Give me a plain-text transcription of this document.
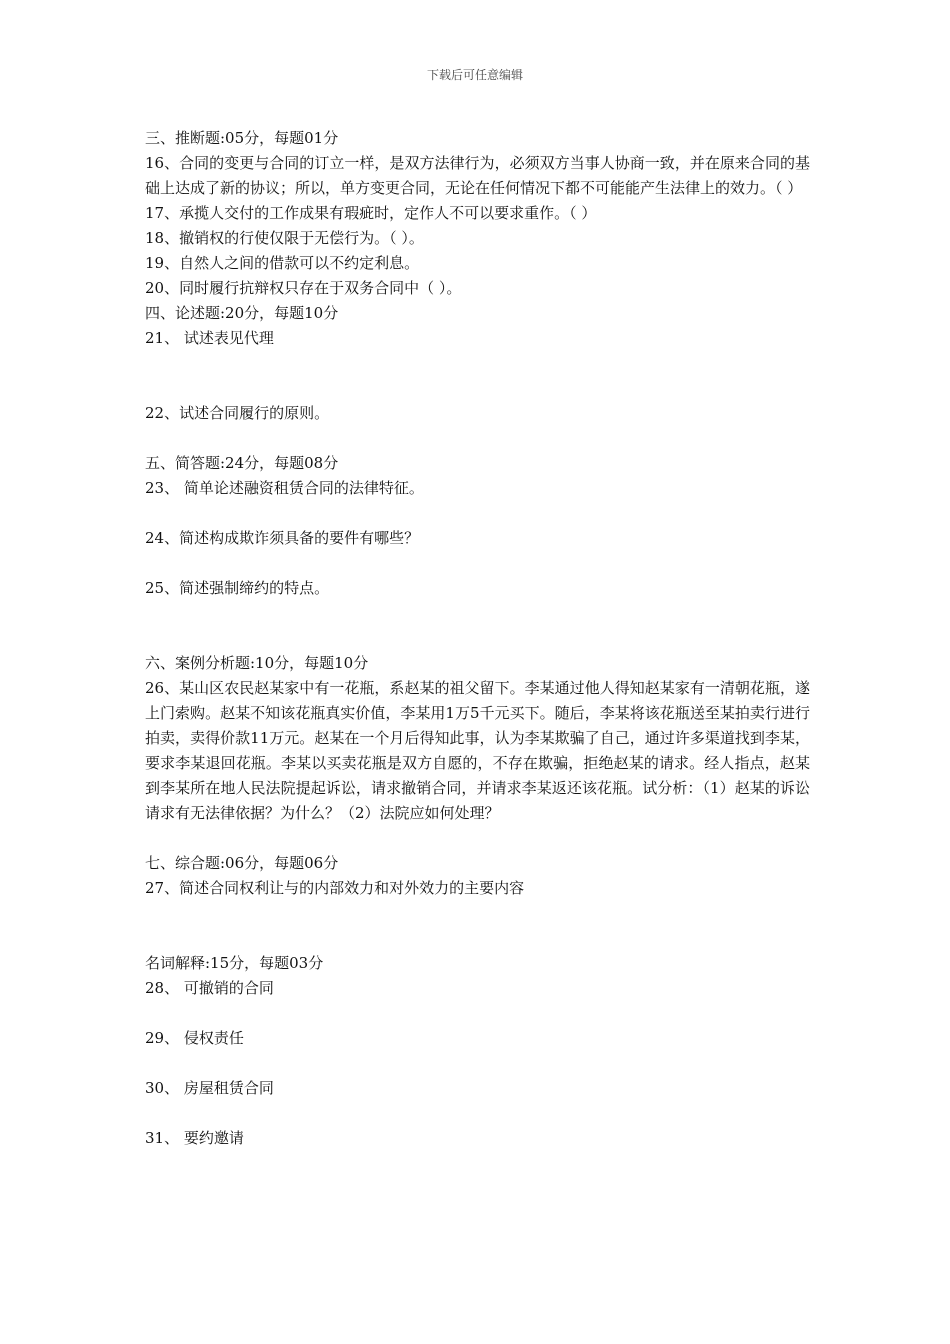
下载后可任意编辑
三、推断题:05分，每题01分
16、合同的变更与合同的订立一样，是双方法律行为，必须双方当事人协商一致，并在原来合同的基础上达成了新的协议；所以，单方变更合同，无论在任何情况下都不可能能产生法律上的效力。（ ）
17、承揽人交付的工作成果有瑕疵时，定作人不可以要求重作。（ ）
18、撤销权的行使仅限于无偿行为。（ ）。
19、自然人之间的借款可以不约定利息。
20、同时履行抗辩权只存在于双务合同中（ ）。
四、论述题:20分，每题10分
21、 试述表见代理
22、试述合同履行的原则。
五、简答题:24分，每题08分
23、 简单论述融资租赁合同的法律特征。
24、简述构成欺诈须具备的要件有哪些？
25、简述强制缔约的特点。
六、案例分析题:10分，每题10分
26、某山区农民赵某家中有一花瓶，系赵某的祖父留下。李某通过他人得知赵某家有一清朝花瓶，遂上门索购。赵某不知该花瓶真实价值，李某用1万5千元买下。随后，李某将该花瓶送至某拍卖行进行拍卖，卖得价款11万元。赵某在一个月后得知此事，认为李某欺骗了自己，通过许多渠道找到李某，要求李某退回花瓶。李某以买卖花瓶是双方自愿的，不存在欺骗，拒绝赵某的请求。经人指点，赵某到李某所在地人民法院提起诉讼，请求撤销合同，并请求李某返还该花瓶。试分析：（1）赵某的诉讼请求有无法律依据？为什么？（2）法院应如何处理？
七、综合题:06分，每题06分
27、简述合同权利让与的内部效力和对外效力的主要内容
名词解释:15分，每题03分
28、 可撤销的合同
29、 侵权责任
30、 房屋租赁合同
31、 要约邀请
